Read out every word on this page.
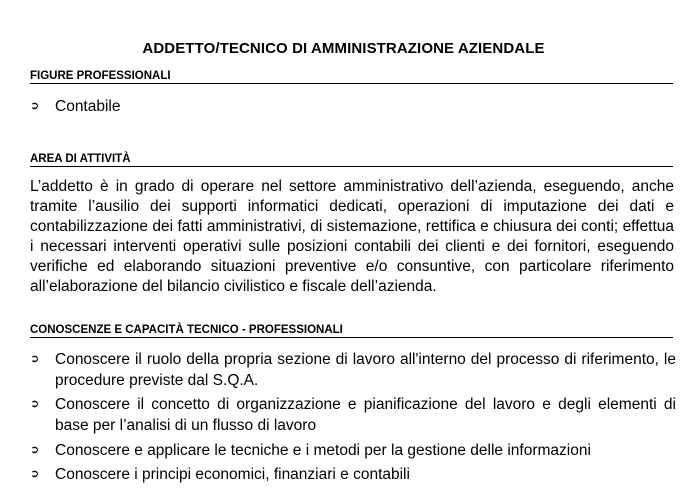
ADDETTO/TECNICO DI AMMINISTRAZIONE AZIENDALE
FIGURE PROFESSIONALI
➲ Contabile
AREA DI ATTIVITÀ
L’addetto è in grado di operare nel settore amministrativo dell’azienda, eseguendo, anche tramite l’ausilio dei supporti informatici dedicati, operazioni di imputazione dei dati e contabilizzazione dei fatti amministrativi, di sistemazione, rettifica e chiusura dei conti; effettua i necessari interventi operativi sulle posizioni contabili dei clienti e dei fornitori, eseguendo verifiche ed elaborando situazioni preventive e/o consuntive, con particolare riferimento all’elaborazione del bilancio civilistico e fiscale dell’azienda.
CONOSCENZE E CAPACITÀ TECNICO - PROFESSIONALI
➲ Conoscere il ruolo della propria sezione di lavoro all'interno del processo di riferimento, le procedure previste dal S.Q.A.
➲ Conoscere il concetto di organizzazione e pianificazione del lavoro e degli elementi di base per l’analisi di un flusso di lavoro
➲ Conoscere e applicare le tecniche e i metodi per la gestione delle informazioni
➲ Conoscere i principi economici, finanziari e contabili
